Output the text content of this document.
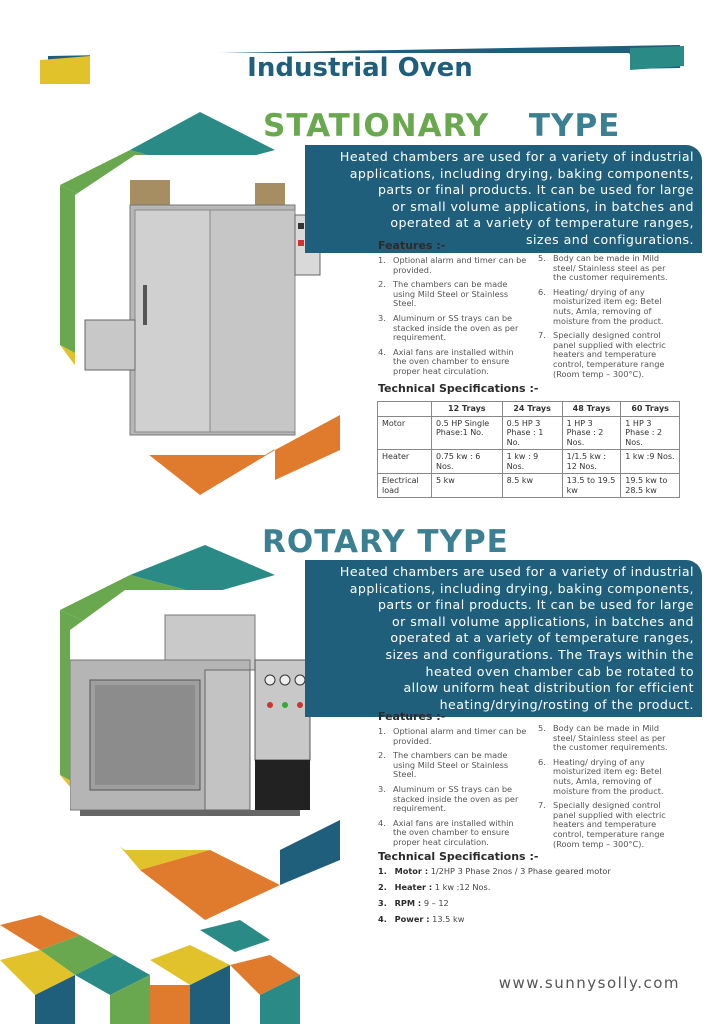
Industrial Oven
STATIONARY TYPE
Heated chambers are used for a variety of industrial
applications, including drying, baking components,
parts or final products. It can be used for large
or small volume applications, in batches and
operated at a variety of temperature ranges,
sizes and configurations.
Features :-
1. Optional alarm and timer can be provided.
2. The chambers can be made using Mild Steel or Stainless Steel.
3. Aluminum or SS trays can be stacked inside the oven as per requirement.
4. Axial fans are installed within the oven chamber to ensure proper heat circulation.
5. Body can be made in Mild steel/ Stainless steel as per the customer requirements.
6. Heating/ drying of any moisturized item eg: Betel nuts, Amla, removing of moisture from the product.
7. Specially designed control panel supplied with electric heaters and temperature control, temperature range (Room temp – 300°C).
Technical Specifications :-
	12 Trays	24 Trays	48 Trays	60 Trays
Motor	0.5 HP Single Phase:1 No.	0.5 HP 3 Phase : 1 No.	1 HP 3 Phase : 2 Nos.	1 HP 3 Phase : 2 Nos.
Heater	0.75 kw : 6 Nos.	1 kw : 9 Nos.	1/1.5 kw : 12 Nos.	1 kw :9 Nos.
Electrical load	5 kw	8.5 kw	13.5 to 19.5 kw	19.5 kw to 28.5 kw
ROTARY TYPE
Heated chambers are used for a variety of industrial
applications, including drying, baking components,
parts or final products. It can be used for large
or small volume applications, in batches and
operated at a variety of temperature ranges,
sizes and configurations. The Trays within the
heated oven chamber cab be rotated to
allow uniform heat distribution for efficient
heating/drying/rosting of the product.
Features :-
1. Optional alarm and timer can be provided.
2. The chambers can be made using Mild Steel or Stainless Steel.
3. Aluminum or SS trays can be stacked inside the oven as per requirement.
4. Axial fans are installed within the oven chamber to ensure proper heat circulation.
5. Body can be made in Mild steel/ Stainless steel as per the customer requirements.
6. Heating/ drying of any moisturized item eg: Betel nuts, Amla, removing of moisture from the product.
7. Specially designed control panel supplied with electric heaters and temperature control, temperature range (Room temp – 300°C).
Technical Specifications :-
1. Motor : 1/2HP 3 Phase 2nos / 3 Phase geared motor
2. Heater : 1 kw :12 Nos.
3. RPM : 9 – 12
4. Power : 13.5 kw
www.sunnysolly.com
